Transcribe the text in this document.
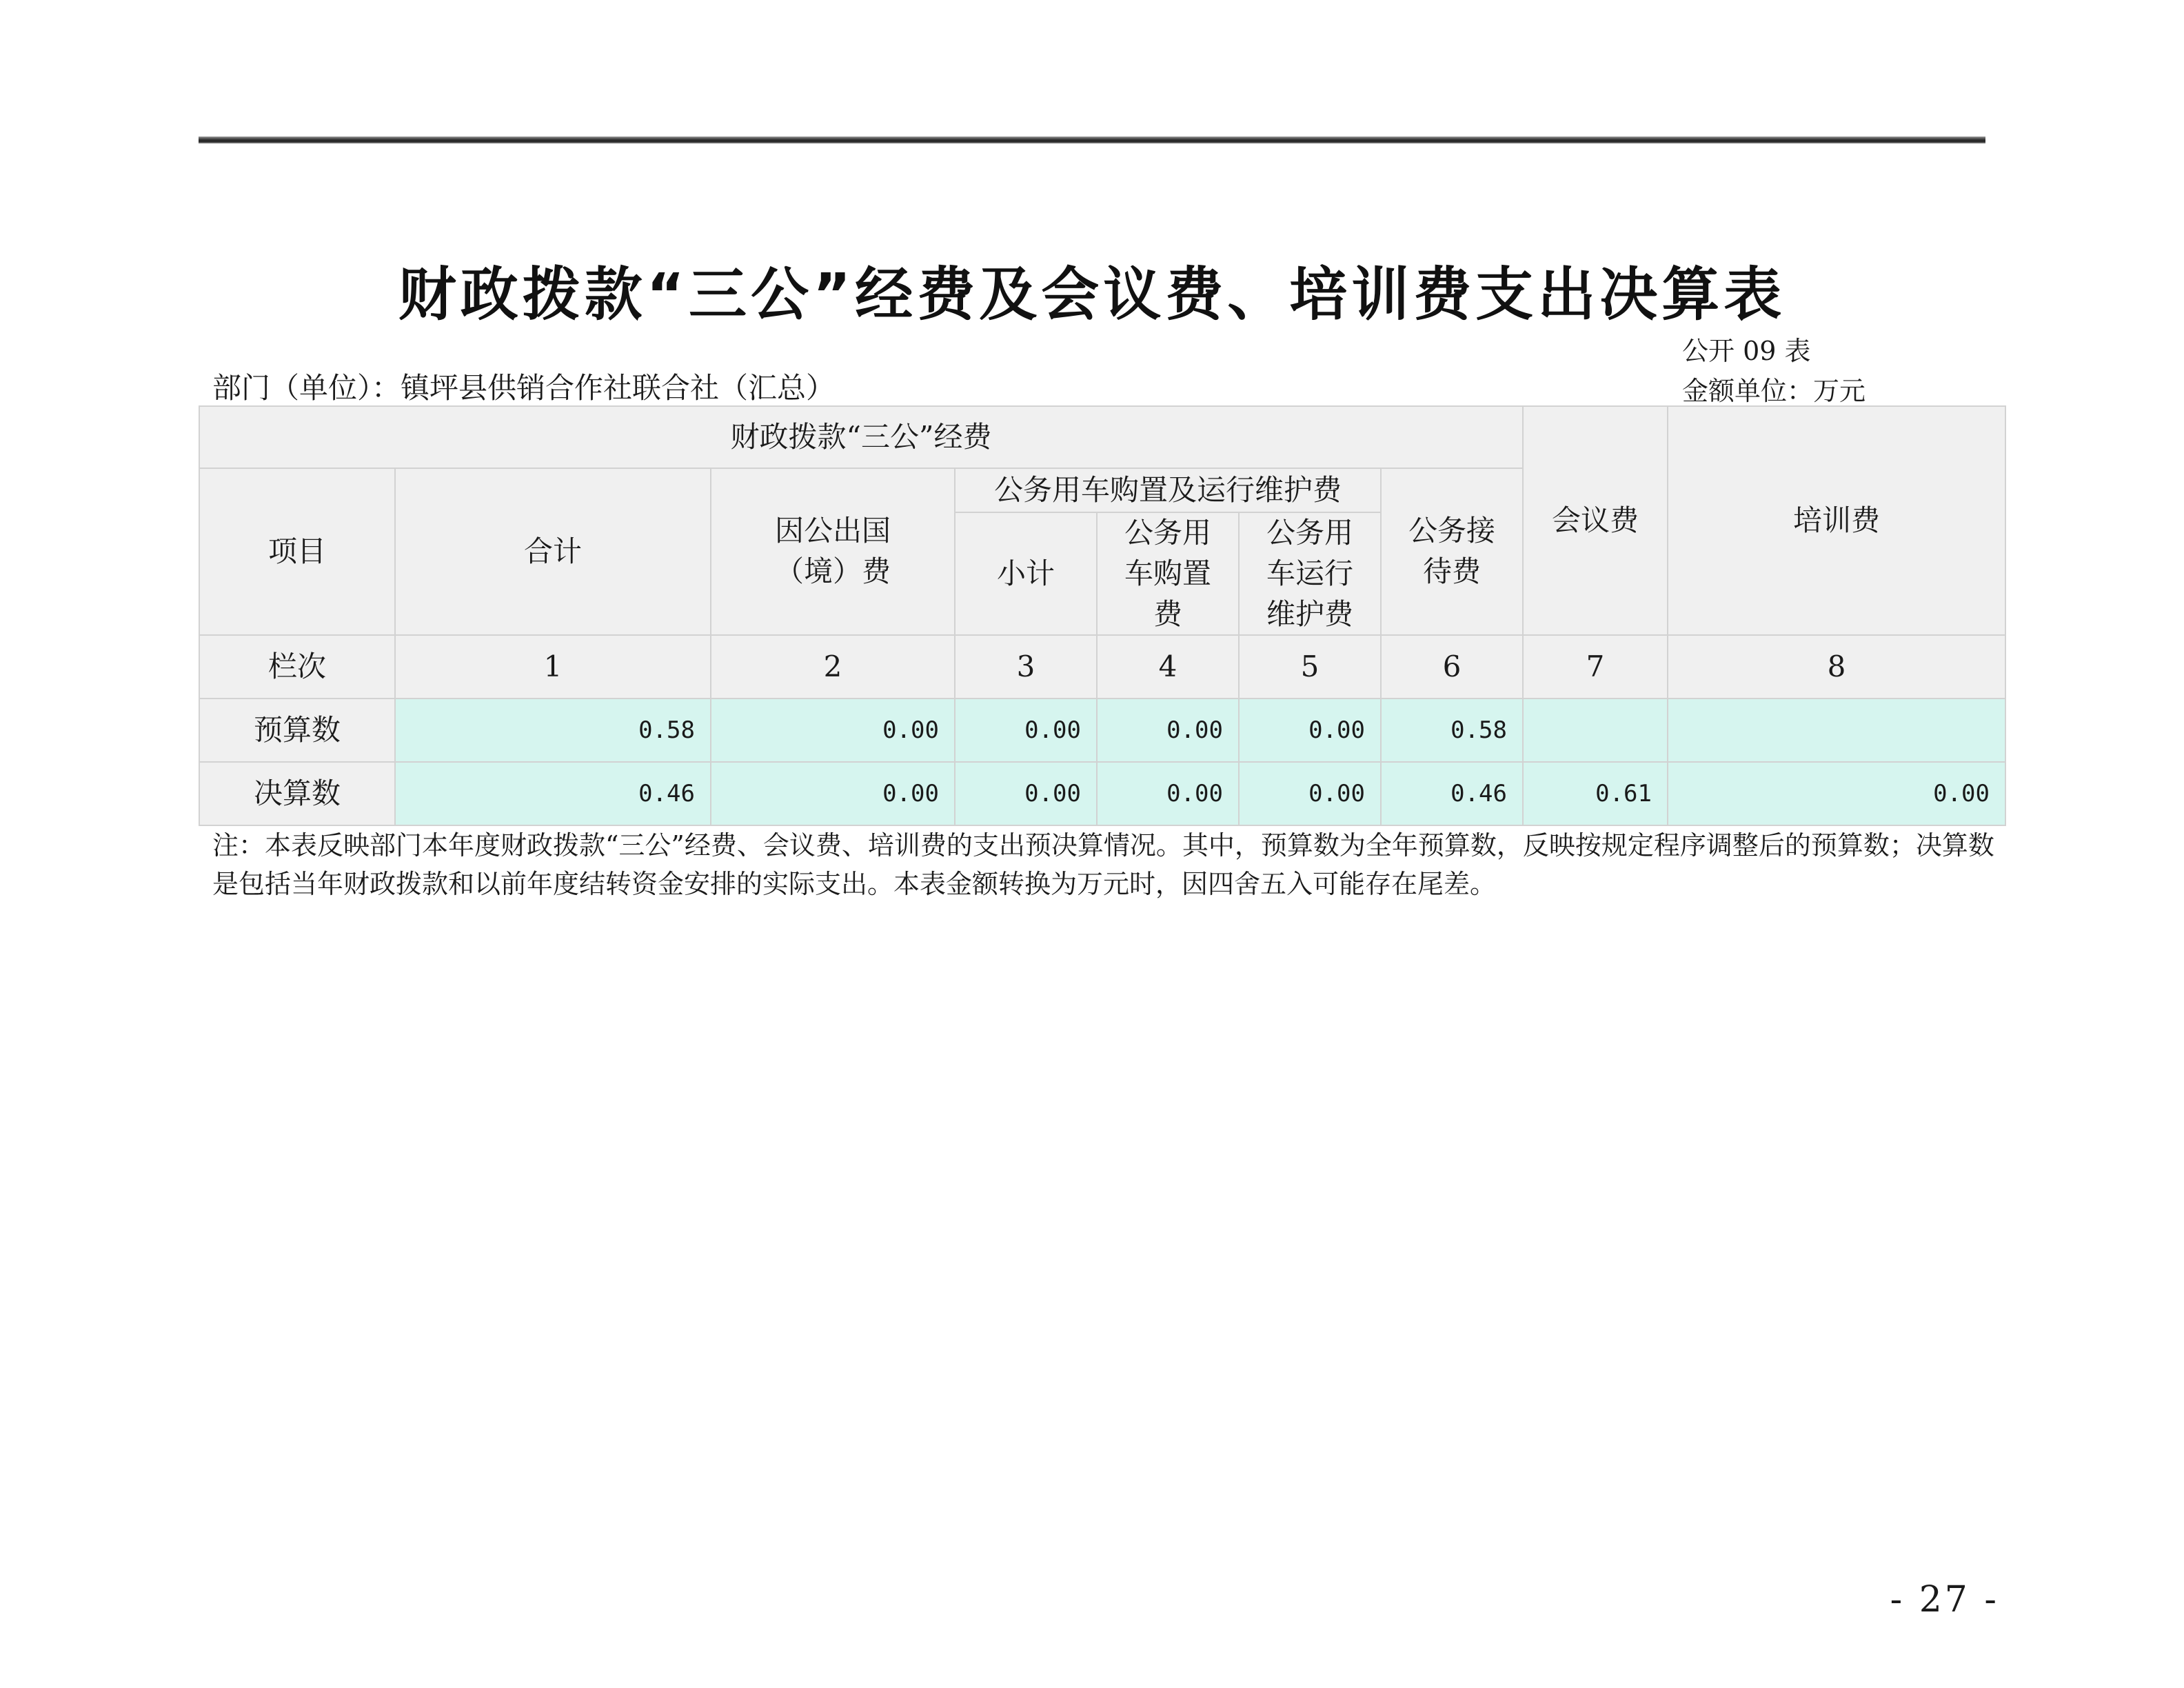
财政拨款“三公”经费及会议费、培训费支出决算表
公开 09 表
部门（单位）：镇坪县供销合作社联合社（汇总）	金额单位：万元
财政拨款“三公”经费							会议费	培训费
项目	合计	因公出国（境）费	公务用车购置及运行维护费			公务接待费		
			小计	公务用车购置费	公务用车运行维护费			
栏次	1	2	3	4	5	6	7	8
预算数	0.58	0.00	0.00	0.00	0.00	0.58		
决算数	0.46	0.00	0.00	0.00	0.00	0.46	0.61	0.00
注：本表反映部门本年度财政拨款“三公”经费、会议费、培训费的支出预决算情况。其中，预算数为全年预算数，反映按规定程序调整后的预算数；决算数是包括当年财政拨款和以前年度结转资金安排的实际支出。本表金额转换为万元时，因四舍五入可能存在尾差。
- 27 -
